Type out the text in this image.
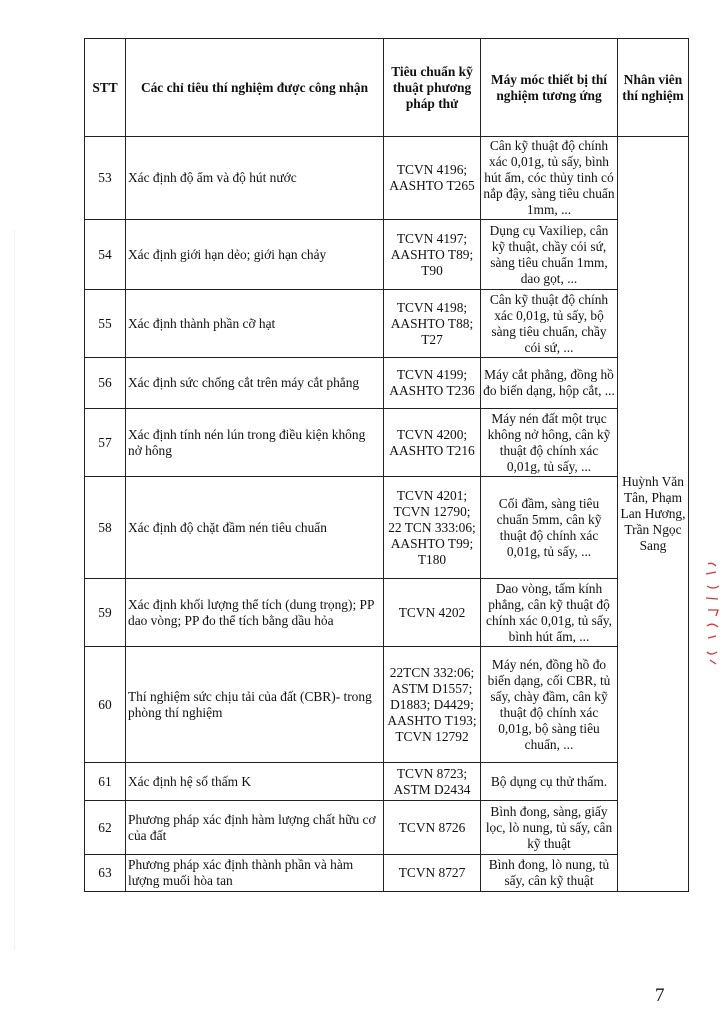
STT	Các chỉ tiêu thí nghiệm được công nhận	Tiêu chuẩn kỹ thuật phương pháp thử	Máy móc thiết bị thí nghiệm tương ứng	Nhân viên thí nghiệm
53	Xác định độ ẩm và độ hút nước	TCVN 4196; AASHTO T265	Cân kỹ thuật độ chính xác 0,01g, tủ sấy, bình hút ẩm, cóc thủy tinh có nắp đậy, sàng tiêu chuẩn 1mm, ...	Huỳnh Văn Tân, Phạm Lan Hương, Trần Ngọc Sang
54	Xác định giới hạn dẻo; giới hạn chảy	TCVN 4197; AASHTO T89; T90	Dụng cụ Vaxiliep, cân kỹ thuật, chầy cói sứ, sàng tiêu chuẩn 1mm, dao gọt, ...	
55	Xác định thành phần cỡ hạt	TCVN 4198; AASHTO T88; T27	Cân kỹ thuật độ chính xác 0,01g, tủ sấy, bộ sàng tiêu chuẩn, chầy cói sứ, ...	
56	Xác định sức chống cắt trên máy cắt phẳng	TCVN 4199; AASHTO T236	Máy cắt phẳng, đồng hồ đo biến dạng, hộp cắt, ...	
57	Xác định tính nén lún trong điều kiện không nở hông	TCVN 4200; AASHTO T216	Máy nén đất một trục không nở hông, cân kỹ thuật độ chính xác 0,01g, tủ sấy, ...	
58	Xác định độ chặt đầm nén tiêu chuẩn	TCVN 4201; TCVN 12790; 22 TCN 333:06; AASHTO T99; T180	Cối đầm, sàng tiêu chuẩn 5mm, cân kỹ thuật độ chính xác 0,01g, tủ sấy, ...	
59	Xác định khối lượng thể tích (dung trọng); PP dao vòng; PP đo thể tích bằng dầu hỏa	TCVN 4202	Dao vòng, tấm kính phẳng, cân kỹ thuật độ chính xác 0,01g, tủ sấy, bình hút ẩm, ...	
60	Thí nghiệm sức chịu tải của đất (CBR)- trong phòng thí nghiệm	22TCN 332:06; ASTM D1557; D1883; D4429; AASHTO T193; TCVN 12792	Máy nén, đồng hồ đo biến dạng, cối CBR, tủ sấy, chày đầm, cân kỹ thuật độ chính xác 0,01g, bộ sàng tiêu chuẩn, ...	
61	Xác định hệ số thấm K	TCVN 8723; ASTM D2434	Bộ dụng cụ thử thấm.	
62	Phương pháp xác định hàm lượng chất hữu cơ của đất	TCVN 8726	Bình đong, sàng, giấy lọc, lò nung, tủ sấy, cân kỹ thuật	
63	Phương pháp xác định thành phần và hàm lượng muối hòa tan	TCVN 8727	Bình đong, lò nung, tủ sấy, cân kỹ thuật	
7
